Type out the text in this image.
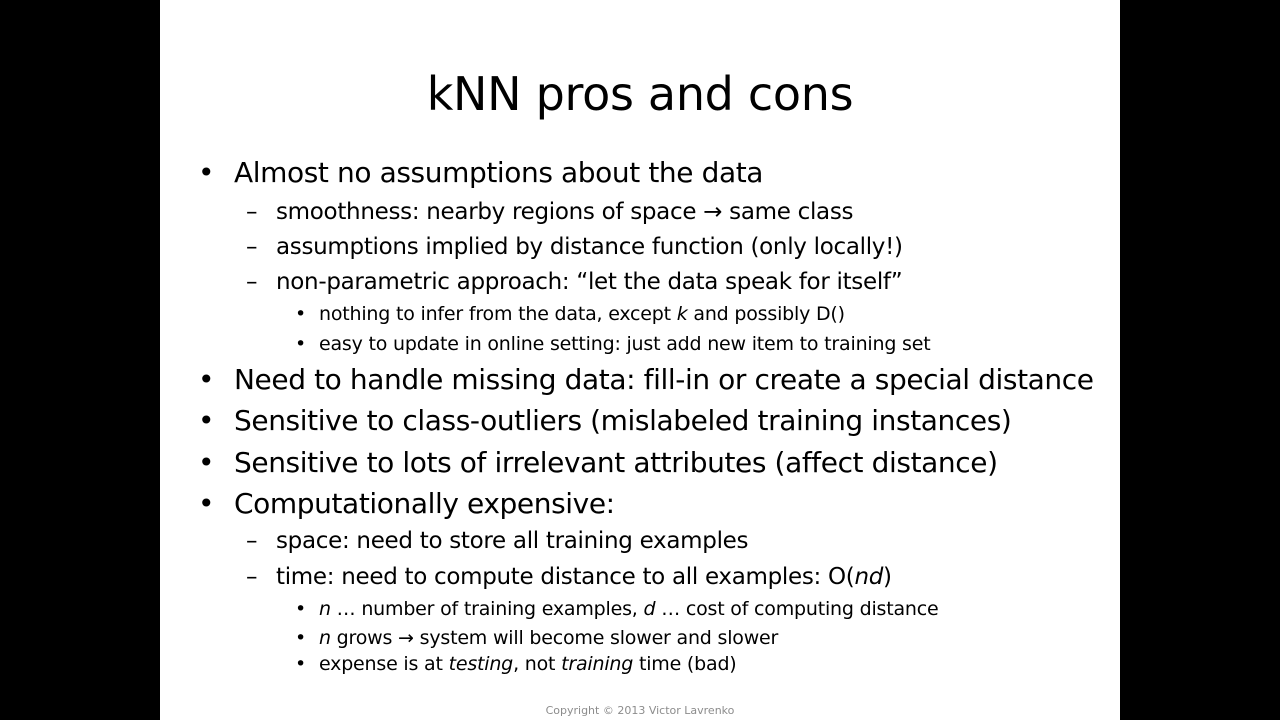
kNN pros and cons
• Almost no assumptions about the data
– smoothness: nearby regions of space → same class
– assumptions implied by distance function (only locally!)
– non-parametric approach: “let the data speak for itself”
• nothing to infer from the data, except k and possibly D()
• easy to update in online setting: just add new item to training set
• Need to handle missing data: fill-in or create a special distance
• Sensitive to class-outliers (mislabeled training instances)
• Sensitive to lots of irrelevant attributes (affect distance)
• Computationally expensive:
– space: need to store all training examples
– time: need to compute distance to all examples: O(nd)
• n … number of training examples, d … cost of computing distance
• n grows → system will become slower and slower
• expense is at testing, not training time (bad)
Copyright © 2013 Victor Lavrenko
